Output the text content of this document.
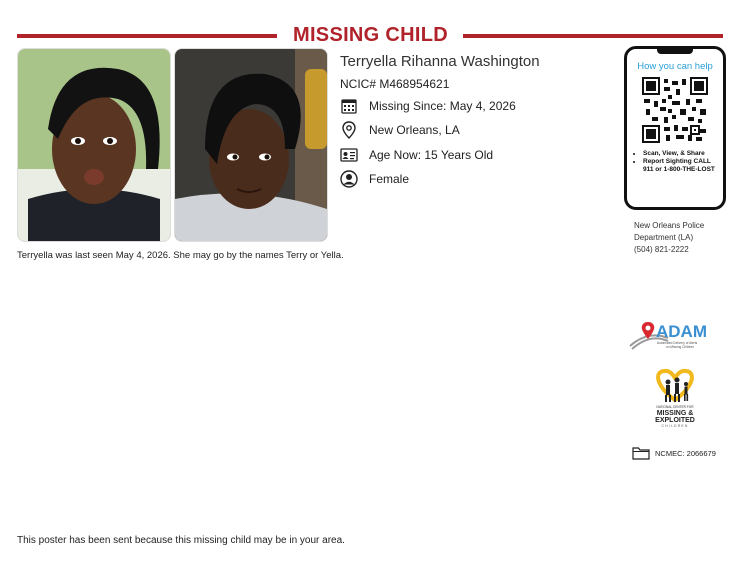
MISSING CHILD
Terryella Rihanna Washington
NCIC# M468954621
Missing Since: May 4, 2026
New Orleans, LA
Age Now: 15 Years Old
Female
Terryella was last seen May 4, 2026. She may go by the names Terry or Yella.
How you can help
• Scan, View, & Share
• Report Sighting CALL 911 or 1-800-THE-LOST
New Orleans Police
Department (LA)
(504) 821-2222
ADAM
Automated Delivery of Alerts
on Missing Children
NATIONAL CENTER FOR
MISSING &
EXPLOITED
CHILDREN
NCMEC: 2066679
This poster has been sent because this missing child may be in your area.
